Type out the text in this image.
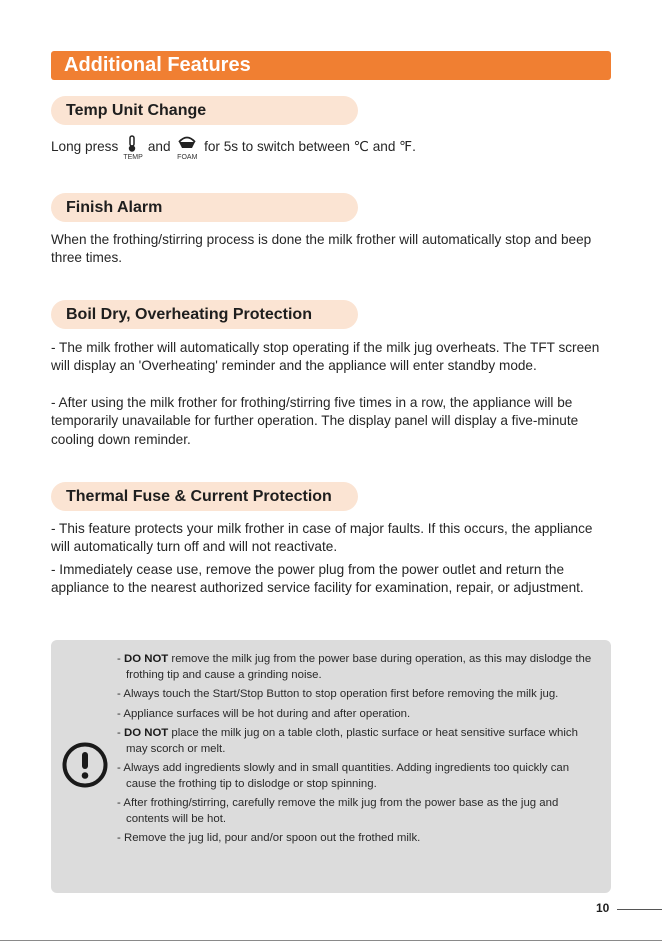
Additional Features
Temp Unit Change

Long press
TEMP
and
FOAM
for 5s to switch between ℃ and ℉.

Finish Alarm

When the frothing/stirring process is done the milk frother will automatically stop and beep three times.

Boil Dry, Overheating Protection

- The milk frother will automatically stop operating if the milk jug overheats. The TFT screen will display an 'Overheating' reminder and the appliance will enter standby mode.

- After using the milk frother for frothing/stirring five times in a row, the appliance will be temporarily unavailable for further operation. The display panel will display a five-minute cooling down reminder.

Thermal Fuse & Current Protection

- This feature protects your milk frother in case of major faults. If this occurs, the appliance will automatically turn off and will not reactivate.

- Immediately cease use, remove the power plug from the power outlet and return the appliance to the nearest authorized service facility for examination, repair, or adjustment.

- DO NOT remove the milk jug from the power base during operation, as this may dislodge the frothing tip and cause a grinding noise.
- Always touch the Start/Stop Button to stop operation first before removing the milk jug.
- Appliance surfaces will be hot during and after operation.
- DO NOT place the milk jug on a table cloth, plastic surface or heat sensitive surface which may scorch or melt.
- Always add ingredients slowly and in small quantities. Adding ingredients too quickly can cause the frothing tip to dislodge or stop spinning.
- After frothing/stirring, carefully remove the milk jug from the power base as the jug and contents will be hot.
- Remove the jug lid, pour and/or spoon out the frothed milk.
10
